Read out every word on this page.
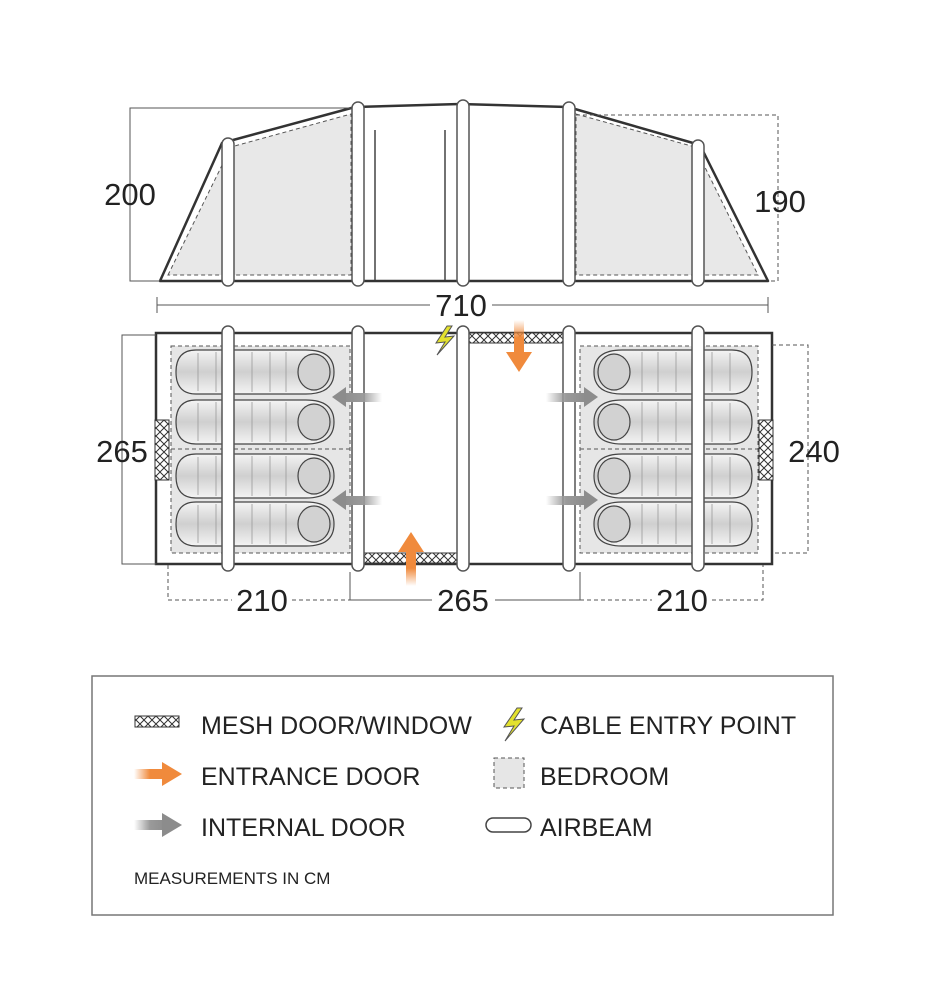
200	190
710
265	240
210	265	210
MESH DOOR/WINDOW	CABLE ENTRY POINT
ENTRANCE DOOR	BEDROOM
INTERNAL DOOR	AIRBEAM
MEASUREMENTS IN CM
